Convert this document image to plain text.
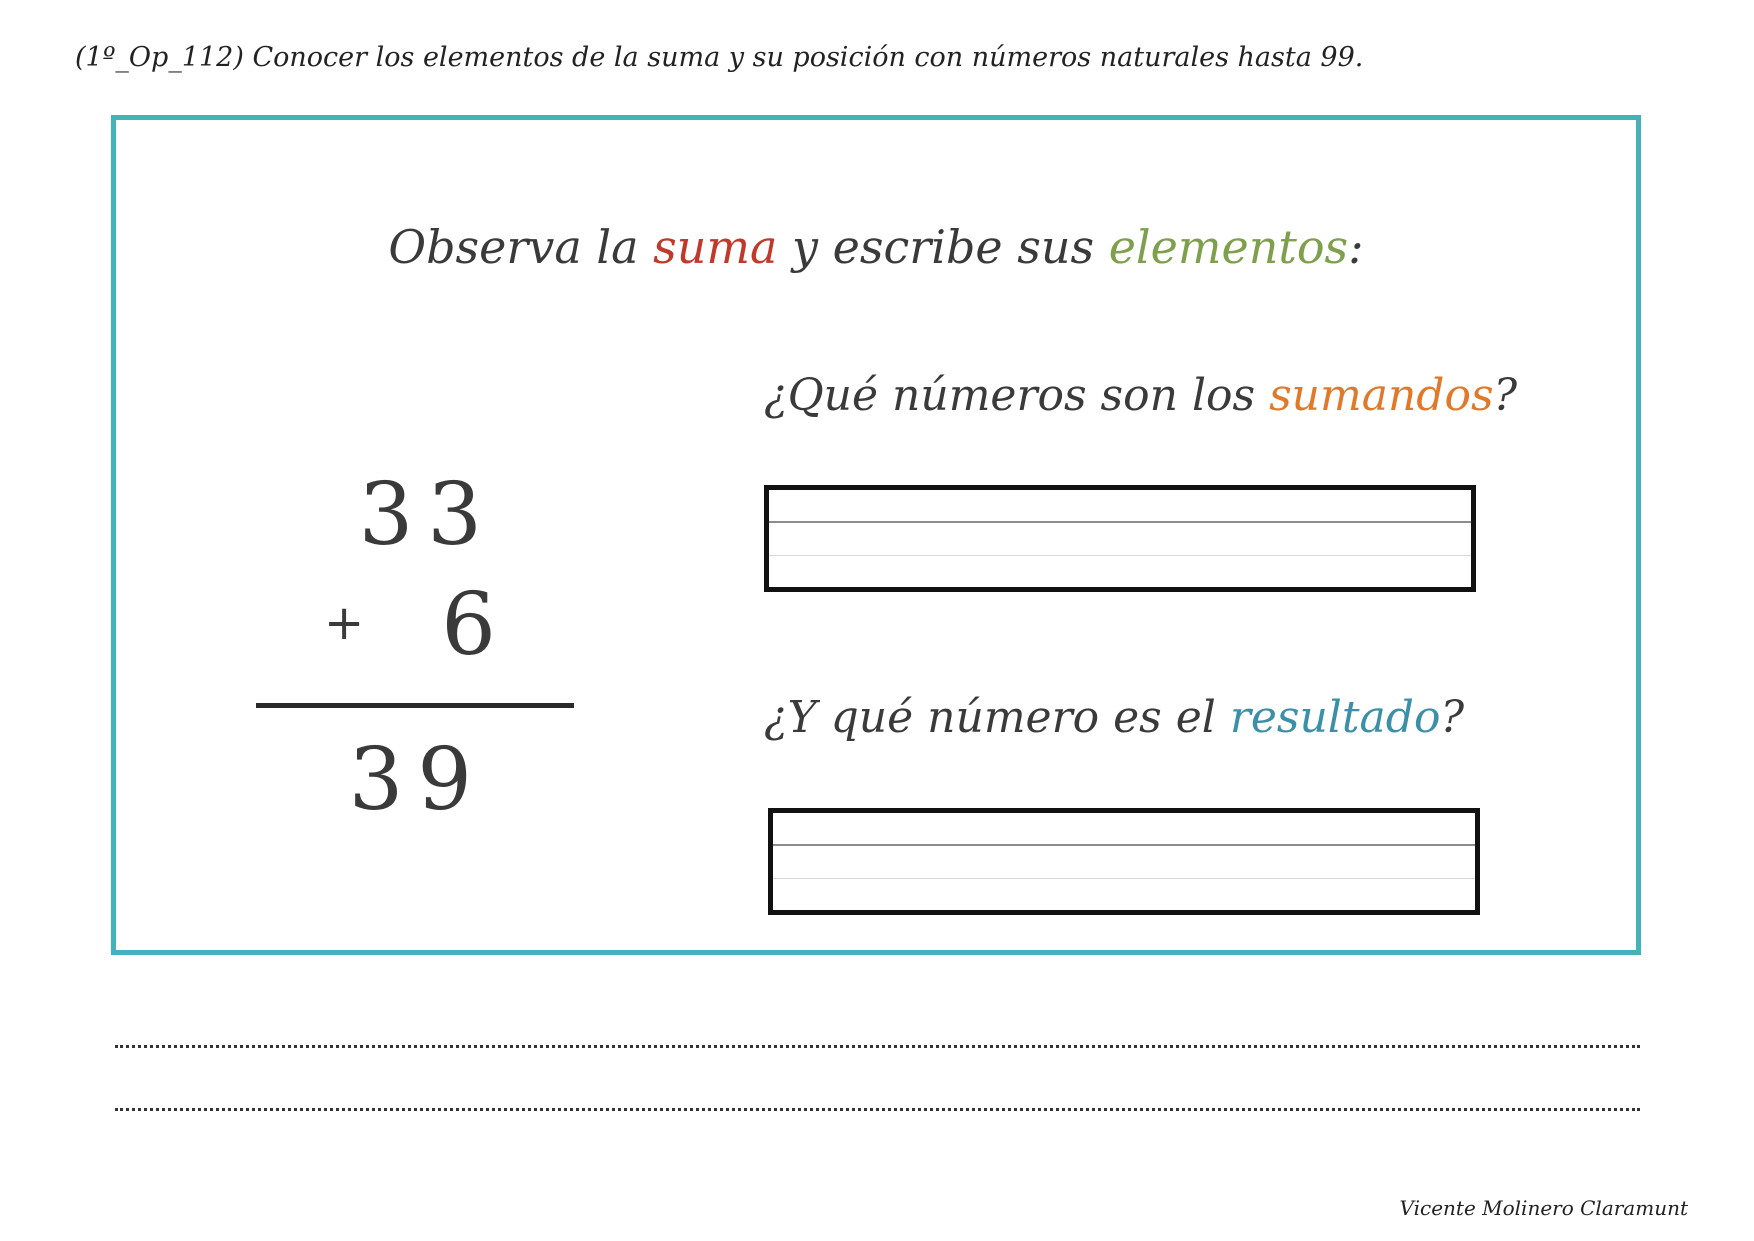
(1º_Op_112) Conocer los elementos de la suma y su posición con números naturales hasta 99.
Observa la suma y escribe sus elementos:
33
+ 6
39
¿Qué números son los sumandos?
¿Y qué número es el resultado?
Vicente Molinero Claramunt
